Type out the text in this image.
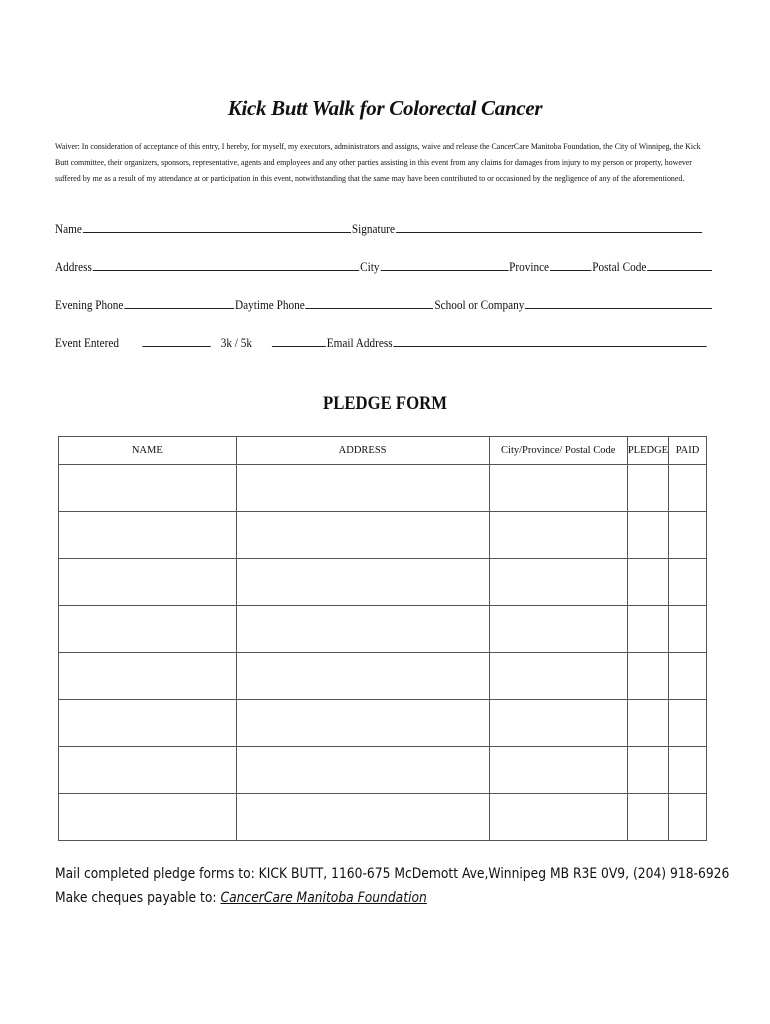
Kick Butt Walk for Colorectal Cancer
Waiver: In consideration of acceptance of this entry, I hereby, for myself, my executors, administrators and assigns, waive and release the CancerCare Manitoba Foundation, the City of Winnipeg, the Kick Butt committee, their organizers, sponsors, representative, agents and employees and any other parties assisting in this event from any claims for damages from injury to my person or property, however suffered by me as a result of my attendance at or participation in this event, notwithstanding that the same may have been contributed to or occasioned by the negligence of any of the aforementioned.
Name	Signature
Address	City	Province	Postal Code
Evening Phone	Daytime Phone	School or Company
Event Entered	3k / 5k	Email Address
PLEDGE FORM
NAME	ADDRESS	City/Province/ Postal Code	PLEDGE	PAID

Mail completed pledge forms to: KICK BUTT, 1160-675 McDemott Ave,Winnipeg MB R3E 0V9, (204) 918-6926
Make cheques payable to: CancerCare Manitoba Foundation
